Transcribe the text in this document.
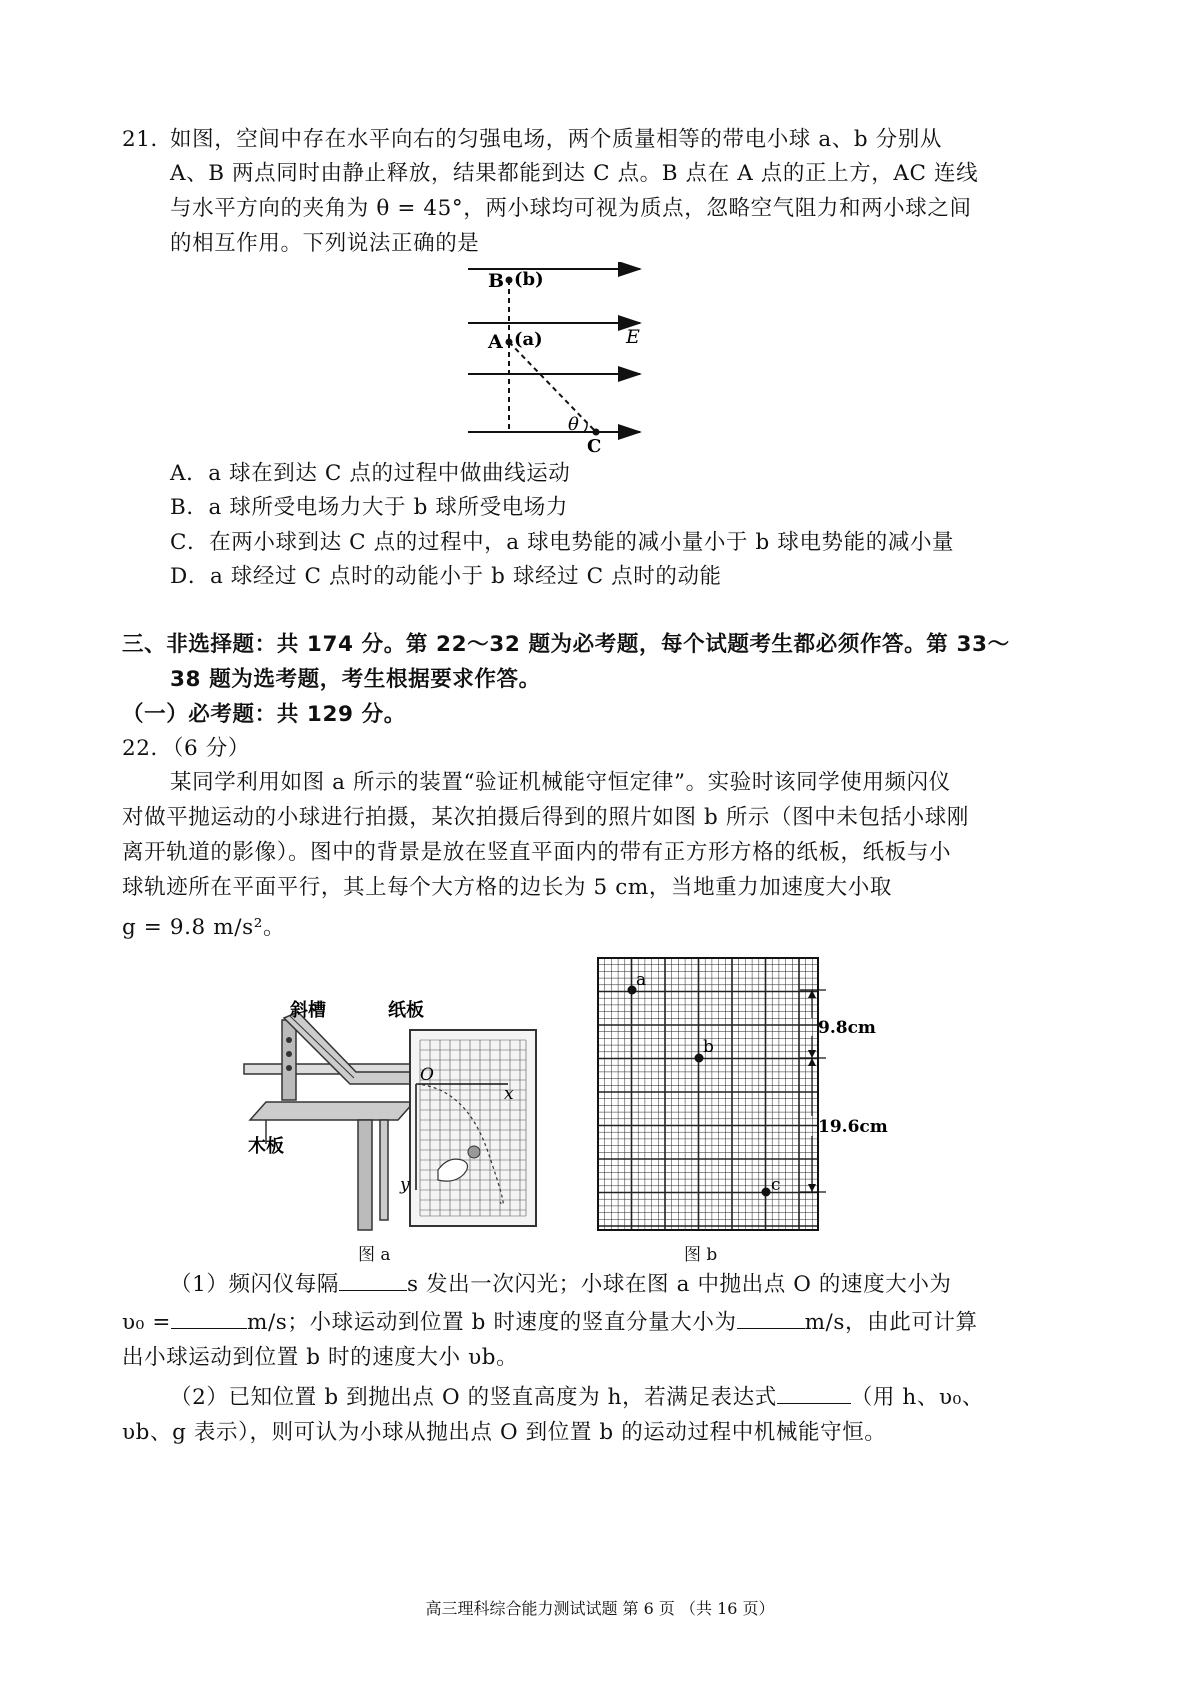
21．
如图，空间中存在水平向右的匀强电场，两个质量相等的带电小球 a、b 分别从
A、B 两点同时由静止释放，结果都能到达 C 点。B 点在 A 点的正上方，AC 连线
与水平方向的夹角为 θ = 45°，两小球均可视为质点，忽略空气阻力和两小球之间
的相互作用。下列说法正确的是
B (b)
A (a)	E
θ
C
A．a 球在到达 C 点的过程中做曲线运动
B．a 球所受电场力大于 b 球所受电场力
C．在两小球到达 C 点的过程中，a 球电势能的减小量小于 b 球电势能的减小量
D．a 球经过 C 点时的动能小于 b 球经过 C 点时的动能
三、非选择题：共 174 分。第 22～32 题为必考题，每个试题考生都必须作答。第 33～
38 题为选考题，考生根据要求作答。
（一）必考题：共 129 分。
22．（6 分）
某同学利用如图 a 所示的装置“验证机械能守恒定律”。实验时该同学使用频闪仪
对做平抛运动的小球进行拍摄，某次拍摄后得到的照片如图 b 所示（图中未包括小球刚
离开轨道的影像）。图中的背景是放在竖直平面内的带有正方形方格的纸板，纸板与小
球轨迹所在平面平行，其上每个大方格的边长为 5 cm，当地重力加速度大小取
g = 9.8 m/s²。
斜槽	纸板
木板
O
x
y
图 a
a
b
c
9.8cm
19.6cm
图 b
（1）频闪仪每隔	s 发出一次闪光；小球在图 a 中抛出点 O 的速度大小为
υ₀ =	m/s；小球运动到位置 b 时速度的竖直分量大小为	m/s，由此可计算
出小球运动到位置 b 时的速度大小 υb。
（2）已知位置 b 到抛出点 O 的竖直高度为 h，若满足表达式	（用 h、υ₀、
υb、g 表示），则可认为小球从抛出点 O 到位置 b 的运动过程中机械能守恒。
高三理科综合能力测试试题 第 6 页 （共 16 页）
